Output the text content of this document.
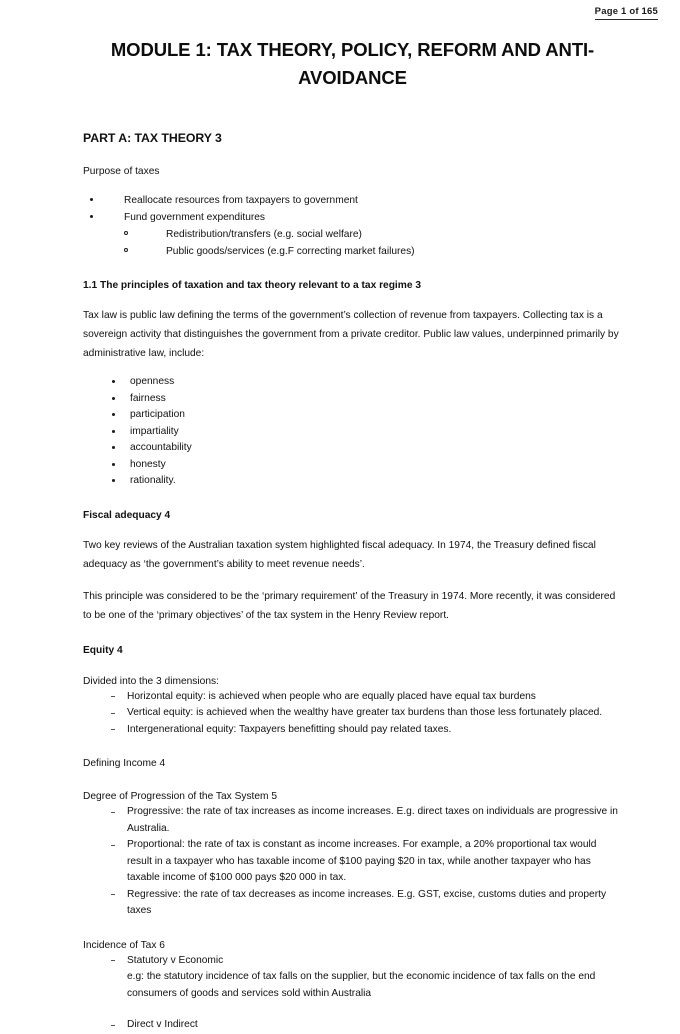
Page 1 of 165
MODULE 1: TAX THEORY, POLICY, REFORM AND ANTI-AVOIDANCE
PART A: TAX THEORY 3
Purpose of taxes
Reallocate resources from taxpayers to government
Fund government expenditures
Redistribution/transfers (e.g. social welfare)
Public goods/services (e.g.F correcting market failures)
1.1 The principles of taxation and tax theory relevant to a tax regime 3

Tax law is public law defining the terms of the government’s collection of revenue from taxpayers. Collecting tax is a sovereign activity that distinguishes the government from a private creditor. Public law values, underpinned primarily by administrative law, include:

openness
fairness
participation
impartiality
accountability
honesty
rationality.
Fiscal adequacy 4

Two key reviews of the Australian taxation system highlighted fiscal adequacy. In 1974, the Treasury defined fiscal adequacy as ‘the government’s ability to meet revenue needs’.

This principle was considered to be the ‘primary requirement’ of the Treasury in 1974. More recently, it was considered to be one of the ‘primary objectives’ of the tax system in the Henry Review report.

Equity 4
Divided into the 3 dimensions:
Horizontal equity: is achieved when people who are equally placed have equal tax burdens
Vertical equity: is achieved when the wealthy have greater tax burdens than those less fortunately placed.
Intergenerational equity: Taxpayers benefitting should pay related taxes.
Defining Income 4
Degree of Progression of the Tax System 5
Progressive: the rate of tax increases as income increases. E.g. direct taxes on individuals are progressive in Australia.
Proportional: the rate of tax is constant as income increases. For example, a 20% proportional tax would result in a taxpayer who has taxable income of $100 paying $20 in tax, while another taxpayer who has taxable income of $100 000 pays $20 000 in tax.
Regressive: the rate of tax decreases as income increases. E.g. GST, excise, customs duties and property taxes
Incidence of Tax 6
Statutory v Economic
e.g: the statutory incidence of tax falls on the supplier, but the economic incidence of tax falls on the end consumers of goods and services sold within Australia
Direct v Indirect
